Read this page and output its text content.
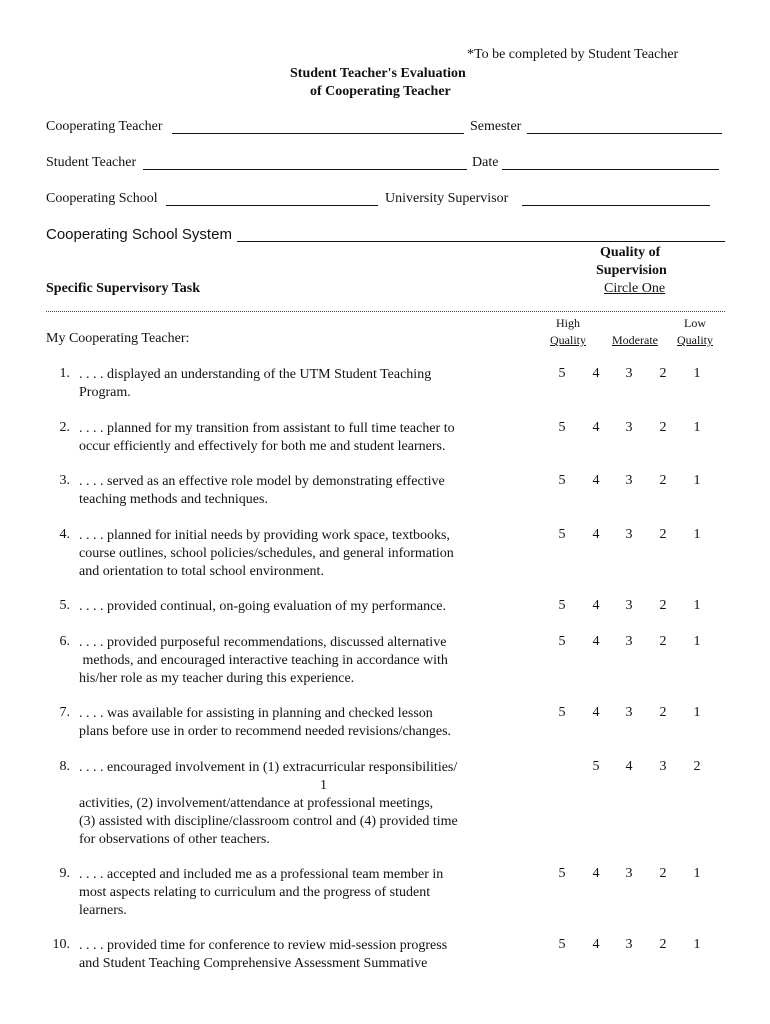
*To be completed by Student Teacher
Student Teacher's Evaluation
of Cooperating Teacher
Cooperating Teacher	Semester
Student Teacher	Date
Cooperating School	University Supervisor
Cooperating School System
Quality of
Supervision
Circle One
Specific Supervisory Task
High	Low
Quality Moderate Quality
My Cooperating Teacher:
1. . . . . displayed an understanding of the UTM Student Teaching
Program.
5	4	3	2	1
2. . . . . planned for my transition from assistant to full time teacher to
occur efficiently and effectively for both me and student learners.
5	4	3	2	1
3. . . . . served as an effective role model by demonstrating effective
teaching methods and techniques.
5	4	3	2	1
4. . . . . planned for initial needs by providing work space, textbooks,
course outlines, school policies/schedules, and general information
and orientation to total school environment.
5	4	3	2	1
5. . . . . provided continual, on-going evaluation of my performance.	5	4	3	2	1
6. . . . . provided purposeful recommendations, discussed alternative
methods, and encouraged interactive teaching in accordance with
his/her role as my teacher during this experience.
5	4	3	2	1
7. . . . . was available for assisting in planning and checked lesson
plans before use in order to recommend needed revisions/changes.
5	4	3	2	1
8. . . . . encouraged involvement in (1) extracurricular responsibilities/
1
activities, (2) involvement/attendance at professional meetings,
(3) assisted with discipline/classroom control and (4) provided time
for observations of other teachers.
5	4	3	2
9. . . . . accepted and included me as a professional team member in
most aspects relating to curriculum and the progress of student
learners.
5	4	3	2	1
10. . . . . provided time for conference to review mid-session progress
and Student Teaching Comprehensive Assessment Summative
5	4	3	2	1
